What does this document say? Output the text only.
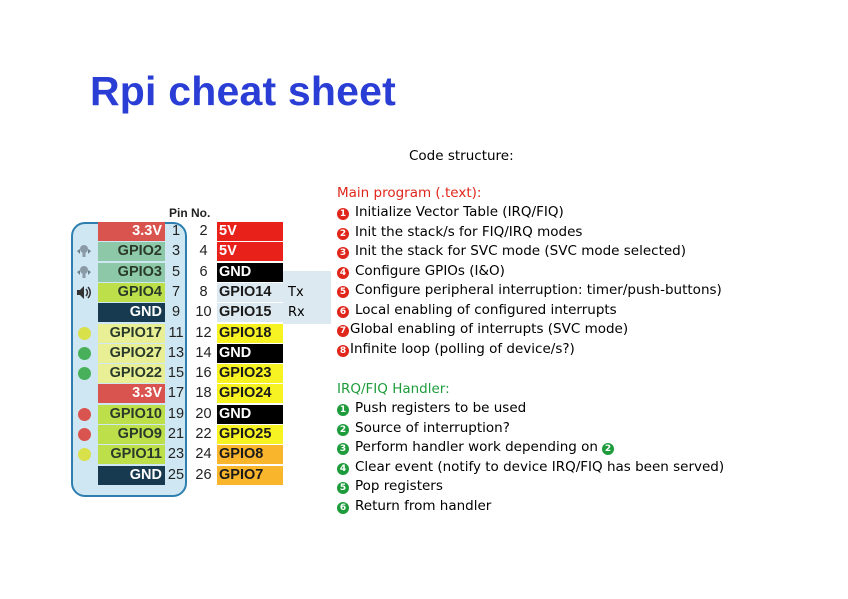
Rpi cheat sheet
Code structure:
Pin No.
3.3V 1	2 5V
GPIO2 3	4 5V
GPIO3 5	6 GND
GPIO4 7	8 GPIO14	Tx
GND 9	10 GPIO15	Rx
GPIO17 11 12 GPIO18
GPIO27 13 14 GND
GPIO22 15 16 GPIO23
3.3V 17 18 GPIO24
GPIO10 19 20 GND
GPIO9 21 22 GPIO25
GPIO11 23 24 GPIO8
GND 25 26 GPIO7
Main program (.text):
1 Initialize Vector Table (IRQ/FIQ)
2 Init the stack/s for FIQ/IRQ modes
3 Init the stack for SVC mode (SVC mode selected)
4 Configure GPIOs (I&O)
5 Configure peripheral interruption: timer/push-buttons)
6 Local enabling of configured interrupts
7 Global enabling of interrupts (SVC mode)
8 Infinite loop (polling of device/s?)
IRQ/FIQ Handler:
1 Push registers to be used
2 Source of interruption?
3 Perform handler work depending on 2
4 Clear event (notify to device IRQ/FIQ has been served)
5 Pop registers
6 Return from handler
